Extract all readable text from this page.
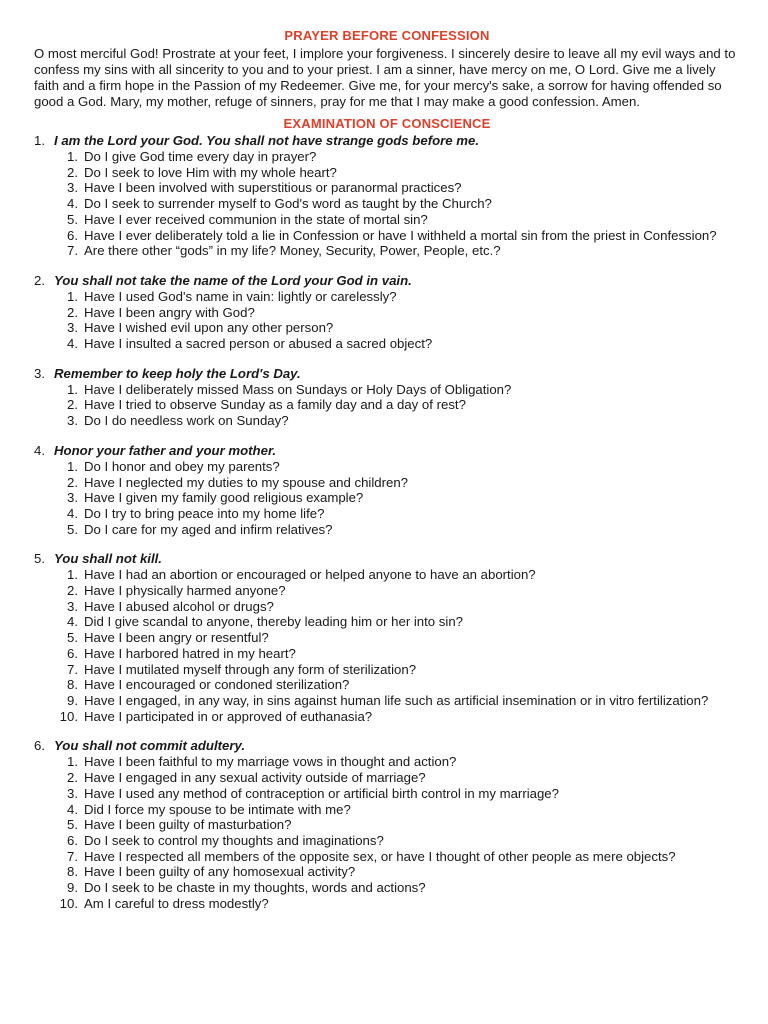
PRAYER BEFORE CONFESSION

O most merciful God! Prostrate at your feet, I implore your forgiveness. I sincerely desire to leave all my evil ways and to confess my sins with all sincerity to you and to your priest. I am a sinner, have mercy on me, O Lord. Give me a lively faith and a firm hope in the Passion of my Redeemer. Give me, for your mercy's sake, a sorrow for having offended so good a God. Mary, my mother, refuge of sinners, pray for me that I may make a good confession. Amen.

EXAMINATION OF CONSCIENCE
1. I am the Lord your God. You shall not have strange gods before me.
1. Do I give God time every day in prayer?
2. Do I seek to love Him with my whole heart?
3. Have I been involved with superstitious or paranormal practices?
4. Do I seek to surrender myself to God's word as taught by the Church?
5. Have I ever received communion in the state of mortal sin?
6. Have I ever deliberately told a lie in Confession or have I withheld a mortal sin from the priest in Confession?
7. Are there other “gods” in my life? Money, Security, Power, People, etc.?
2. You shall not take the name of the Lord your God in vain.
1. Have I used God's name in vain: lightly or carelessly?
2. Have I been angry with God?
3. Have I wished evil upon any other person?
4. Have I insulted a sacred person or abused a sacred object?
3. Remember to keep holy the Lord's Day.
1. Have I deliberately missed Mass on Sundays or Holy Days of Obligation?
2. Have I tried to observe Sunday as a family day and a day of rest?
3. Do I do needless work on Sunday?
4. Honor your father and your mother.
1. Do I honor and obey my parents?
2. Have I neglected my duties to my spouse and children?
3. Have I given my family good religious example?
4. Do I try to bring peace into my home life?
5. Do I care for my aged and infirm relatives?
5. You shall not kill.
1. Have I had an abortion or encouraged or helped anyone to have an abortion?
2. Have I physically harmed anyone?
3. Have I abused alcohol or drugs?
4. Did I give scandal to anyone, thereby leading him or her into sin?
5. Have I been angry or resentful?
6. Have I harbored hatred in my heart?
7. Have I mutilated myself through any form of sterilization?
8. Have I encouraged or condoned sterilization?
9. Have I engaged, in any way, in sins against human life such as artificial insemination or in vitro fertilization?
10. Have I participated in or approved of euthanasia?
6. You shall not commit adultery.
1. Have I been faithful to my marriage vows in thought and action?
2. Have I engaged in any sexual activity outside of marriage?
3. Have I used any method of contraception or artificial birth control in my marriage?
4. Did I force my spouse to be intimate with me?
5. Have I been guilty of masturbation?
6. Do I seek to control my thoughts and imaginations?
7. Have I respected all members of the opposite sex, or have I thought of other people as mere objects?
8. Have I been guilty of any homosexual activity?
9. Do I seek to be chaste in my thoughts, words and actions?
10. Am I careful to dress modestly?
